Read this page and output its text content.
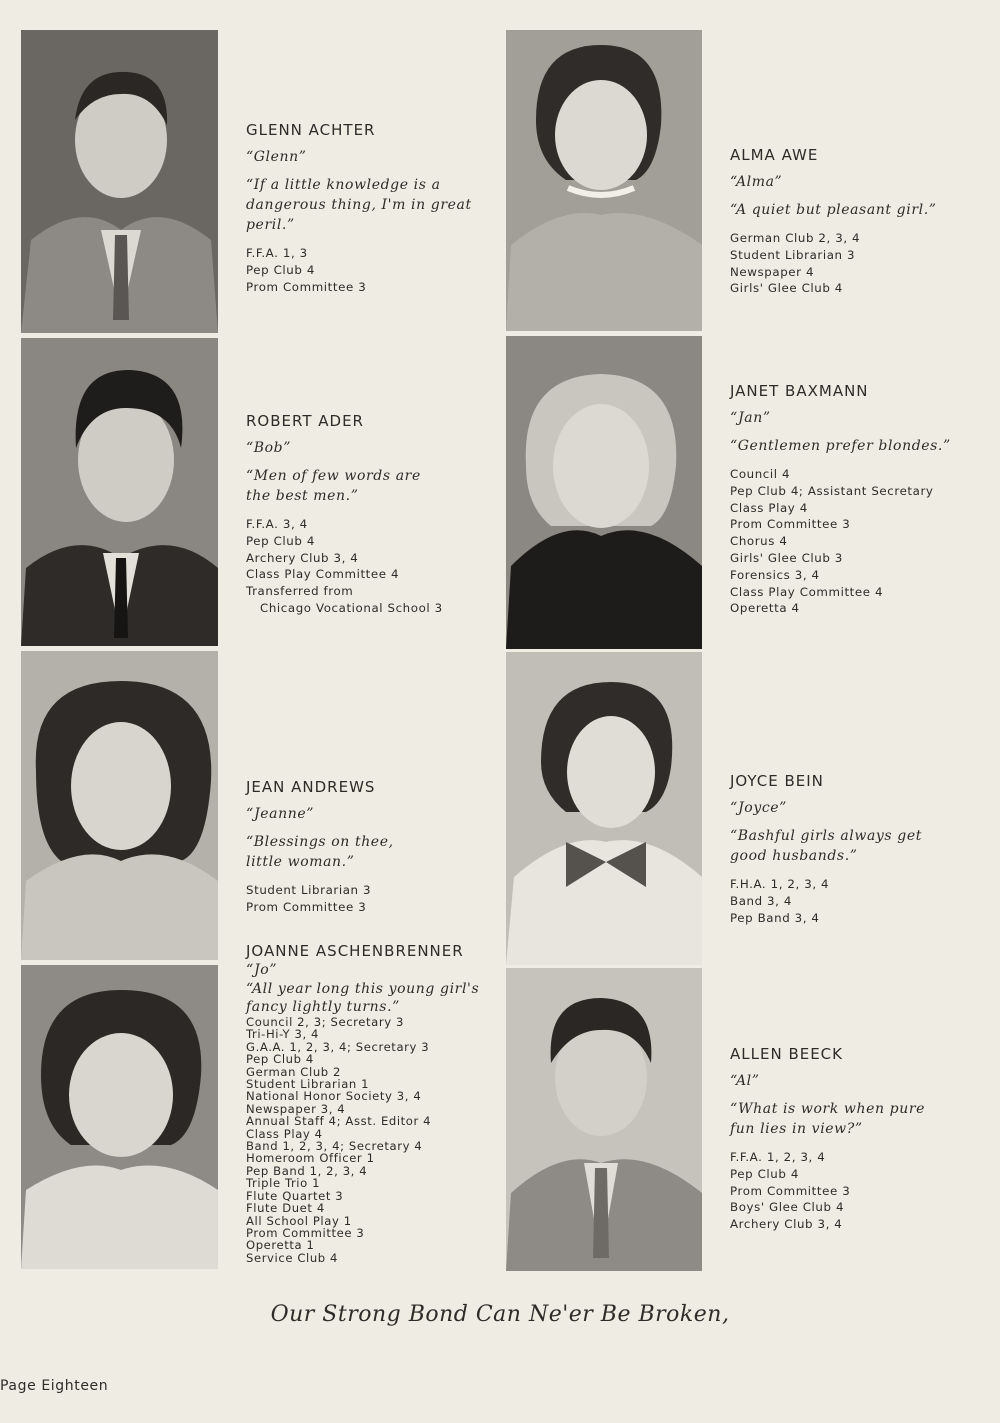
GLENN ACHTER
“Glenn”
“If a little knowledge is a dangerous thing, I'm in great peril.”
F.F.A. 1, 3
Pep Club 4
Prom Committee 3
ROBERT ADER
“Bob”
“Men of few words are the best men.”
F.F.A. 3, 4
Pep Club 4
Archery Club 3, 4
Class Play Committee 4
Transferred from
Chicago Vocational School 3
JEAN ANDREWS
“Jeanne”
“Blessings on thee, little woman.”
Student Librarian 3
Prom Committee 3
JOANNE ASCHENBRENNER
“Jo”
“All year long this young girl's fancy lightly turns.”
Council 2, 3; Secretary 3
Tri-Hi-Y 3, 4
G.A.A. 1, 2, 3, 4; Secretary 3
Pep Club 4
German Club 2
Student Librarian 1
National Honor Society 3, 4
Newspaper 3, 4
Annual Staff 4; Asst. Editor 4
Class Play 4
Band 1, 2, 3, 4; Secretary 4
Homeroom Officer 1
Pep Band 1, 2, 3, 4
Triple Trio 1
Flute Quartet 3
Flute Duet 4
All School Play 1
Prom Committee 3
Operetta 1
Service Club 4
ALMA AWE
“Alma”
“A quiet but pleasant girl.”
German Club 2, 3, 4
Student Librarian 3
Newspaper 4
Girls' Glee Club 4
JANET BAXMANN
“Jan”
“Gentlemen prefer blondes.”
Council 4
Pep Club 4; Assistant Secretary
Class Play 4
Prom Committee 3
Chorus 4
Girls' Glee Club 3
Forensics 3, 4
Class Play Committee 4
Operetta 4
JOYCE BEIN
“Joyce”
“Bashful girls always get good husbands.”
F.H.A. 1, 2, 3, 4
Band 3, 4
Pep Band 3, 4
ALLEN BEECK
“Al”
“What is work when pure fun lies in view?”
F.F.A. 1, 2, 3, 4
Pep Club 4
Prom Committee 3
Boys' Glee Club 4
Archery Club 3, 4
Our Strong Bond Can Ne'er Be Broken,
Page Eighteen
